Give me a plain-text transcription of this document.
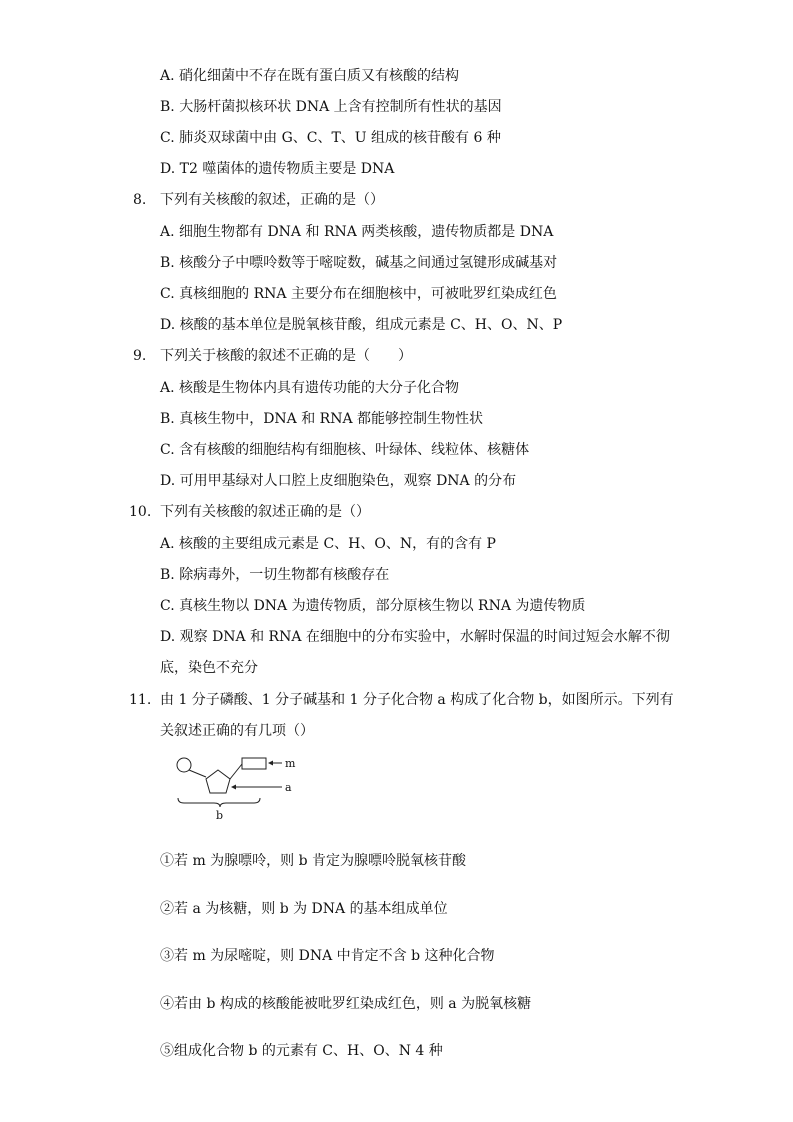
A. 硝化细菌中不存在既有蛋白质又有核酸的结构
B. 大肠杆菌拟核环状 DNA 上含有控制所有性状的基因
C. 肺炎双球菌中由 G、C、T、U 组成的核苷酸有 6 种
D. T2 噬菌体的遗传物质主要是 DNA
8. 下列有关核酸的叙述，正确的是（）
A. 细胞生物都有 DNA 和 RNA 两类核酸，遗传物质都是 DNA
B. 核酸分子中嘌呤数等于嘧啶数，碱基之间通过氢键形成碱基对
C. 真核细胞的 RNA 主要分布在细胞核中，可被吡罗红染成红色
D. 核酸的基本单位是脱氧核苷酸，组成元素是 C、H、O、N、P
9. 下列关于核酸的叙述不正确的是（　　）
A. 核酸是生物体内具有遗传功能的大分子化合物
B. 真核生物中，DNA 和 RNA 都能够控制生物性状
C. 含有核酸的细胞结构有细胞核、叶绿体、线粒体、核糖体
D. 可用甲基绿对人口腔上皮细胞染色，观察 DNA 的分布
10. 下列有关核酸的叙述正确的是（）
A. 核酸的主要组成元素是 C、H、O、N，有的含有 P
B. 除病毒外，一切生物都有核酸存在
C. 真核生物以 DNA 为遗传物质，部分原核生物以 RNA 为遗传物质
D. 观察 DNA 和 RNA 在细胞中的分布实验中，水解时保温的时间过短会水解不彻
底，染色不充分
11. 由 1 分子磷酸、1 分子碱基和 1 分子化合物 a 构成了化合物 b，如图所示。下列有
关叙述正确的有几项（）
m
a
b
①若 m 为腺嘌呤，则 b 肯定为腺嘌呤脱氧核苷酸
②若 a 为核糖，则 b 为 DNA 的基本组成单位
③若 m 为尿嘧啶，则 DNA 中肯定不含 b 这种化合物
④若由 b 构成的核酸能被吡罗红染成红色，则 a 为脱氧核糖
⑤组成化合物 b 的元素有 C、H、O、N 4 种
